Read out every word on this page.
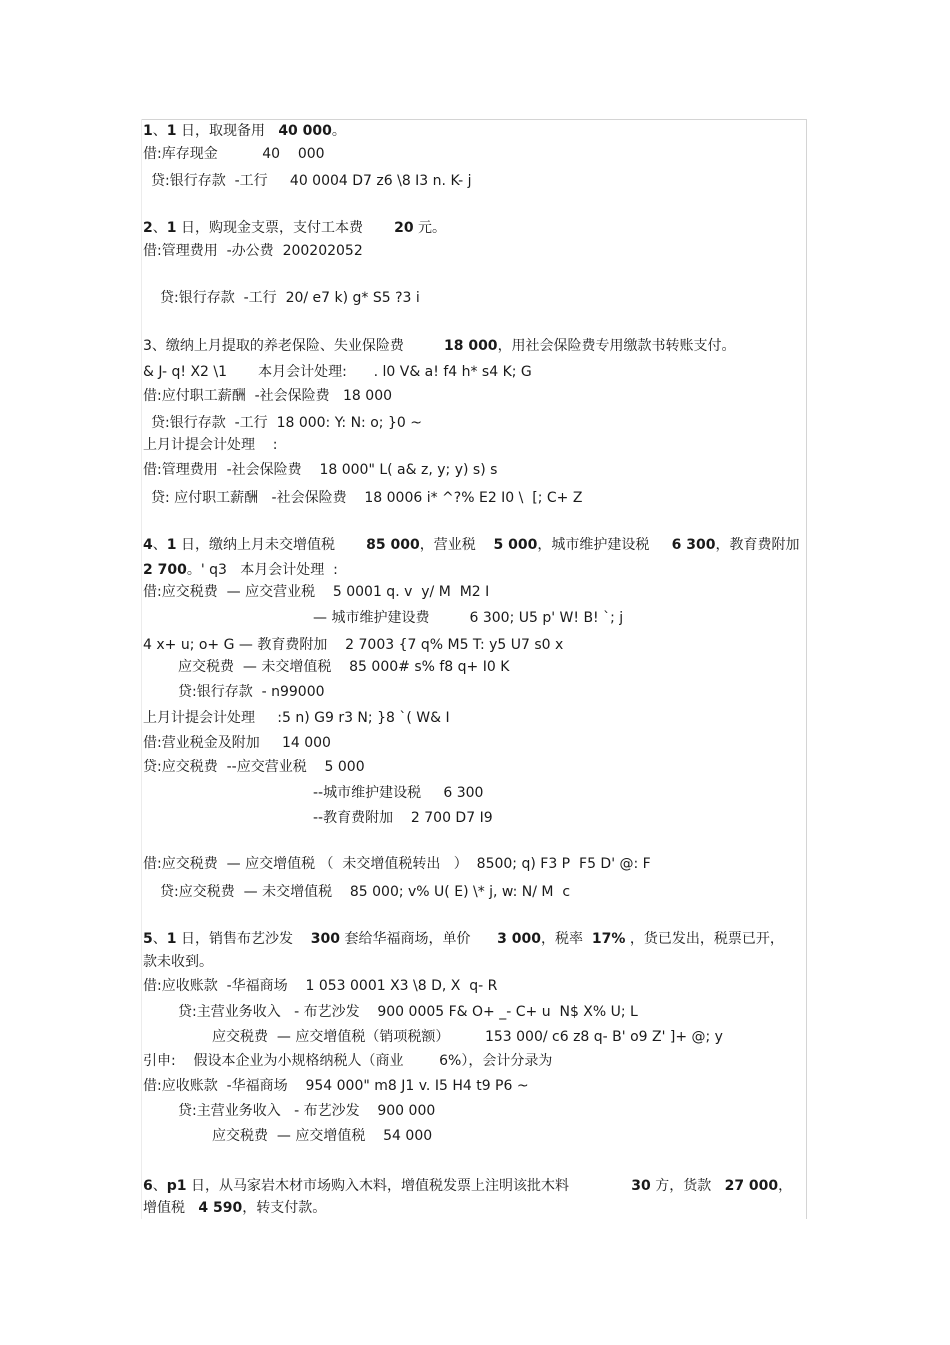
1、1 日，取现备用   40 000。
借:库存现金          40    000
贷:银行存款  -工行     40 0004 D7 z6 \8 I3 n. K- j
2、1 日，购现金支票，支付工本费       20 元。
借:管理费用  -办公费  200202052
贷:银行存款  -工行  20/ e7 k) g* S5 ?3 i
3、缴纳上月提取的养老保险、失业保险费         18 000，用社会保险费专用缴款书转账支付。
& J- q! X2 \1       本月会计处理:      . l0 V& a! f4 h* s4 K; G
借:应付职工薪酬  -社会保险费   18 000
贷:银行存款  -工行  18 000: Y: N: o; }0 ~
上月计提会计处理    :
借:管理费用  -社会保险费    18 000" L( a& z, y; y) s) s
贷: 应付职工薪酬   -社会保险费    18 0006 i* ^?% E2 I0 \  [; C+ Z
4、1 日，缴纳上月未交增值税       85 000，营业税    5 000，城市维护建设税     6 300，教育费附加
2 700。' q3   本月会计处理  :
借:应交税费  — 应交营业税    5 0001 q. v  y/ M  M2 I
— 城市维护建设费         6 300; U5 p' W! B! `; j
4 x+ u; o+ G — 教育费附加    2 7003 {7 q% M5 T: y5 U7 s0 x
应交税费  — 未交增值税    85 000# s% f8 q+ I0 K
贷:银行存款  - n99000
上月计提会计处理     :5 n) G9 r3 N; }8 `( W& I
借:营业税金及附加     14 000
贷:应交税费  --应交营业税    5 000
--城市维护建设税     6 300
--教育费附加    2 700 D7 I9
借:应交税费  — 应交增值税 （  未交增值税转出   ）  8500; q) F3 P  F5 D' @: F
贷:应交税费  — 未交增值税    85 000; v% U( E) \* j, w: N/ M  c
5、1 日，销售布艺沙发    300 套给华福商场，单价      3 000，税率  17% ，货已发出，税票已开，
款未收到。
借:应收账款  -华福商场    1 053 0001 X3 \8 D, X  q- R
贷:主营业务收入   - 布艺沙发    900 0005 F& O+ _- C+ u  N$ X% U; L
应交税费  — 应交增值税（销项税额）        153 000/ c6 z8 q- B' o9 Z' ]+ @; y
引申:    假设本企业为小规格纳税人（商业        6%），会计分录为
借:应收账款  -华福商场    954 000" m8 J1 v. I5 H4 t9 P6 ~
贷:主营业务收入   - 布艺沙发    900 000
应交税费  — 应交增值税    54 000
6、p1 日，从马家岩木材市场购入木料，增值税发票上注明该批木料              30 方，货款   27 000，
增值税   4 590，转支付款。
